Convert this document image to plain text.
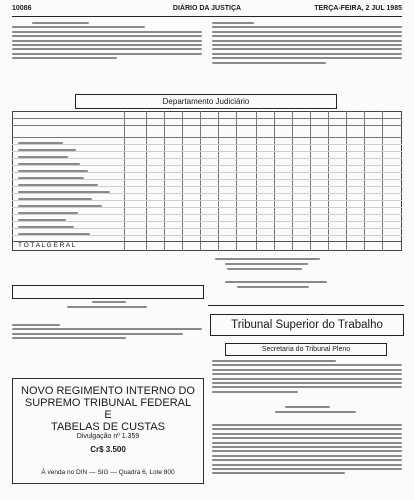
10086	DIÁRIO DA JUSTIÇA	TERÇA-FEIRA, 2 JUL 1985
Departamento Judiciário
T O T A L G E R A L
Tribunal Superior do Trabalho
Secretaria do Tribunal Pleno
NOVO REGIMENTO INTERNO DO
SUPREMO TRIBUNAL FEDERAL
E
TABELAS DE CUSTAS
Divulgação nº 1.359
Cr$ 3.500
À venda no DIN — SIG — Quadra 6, Lote 800
